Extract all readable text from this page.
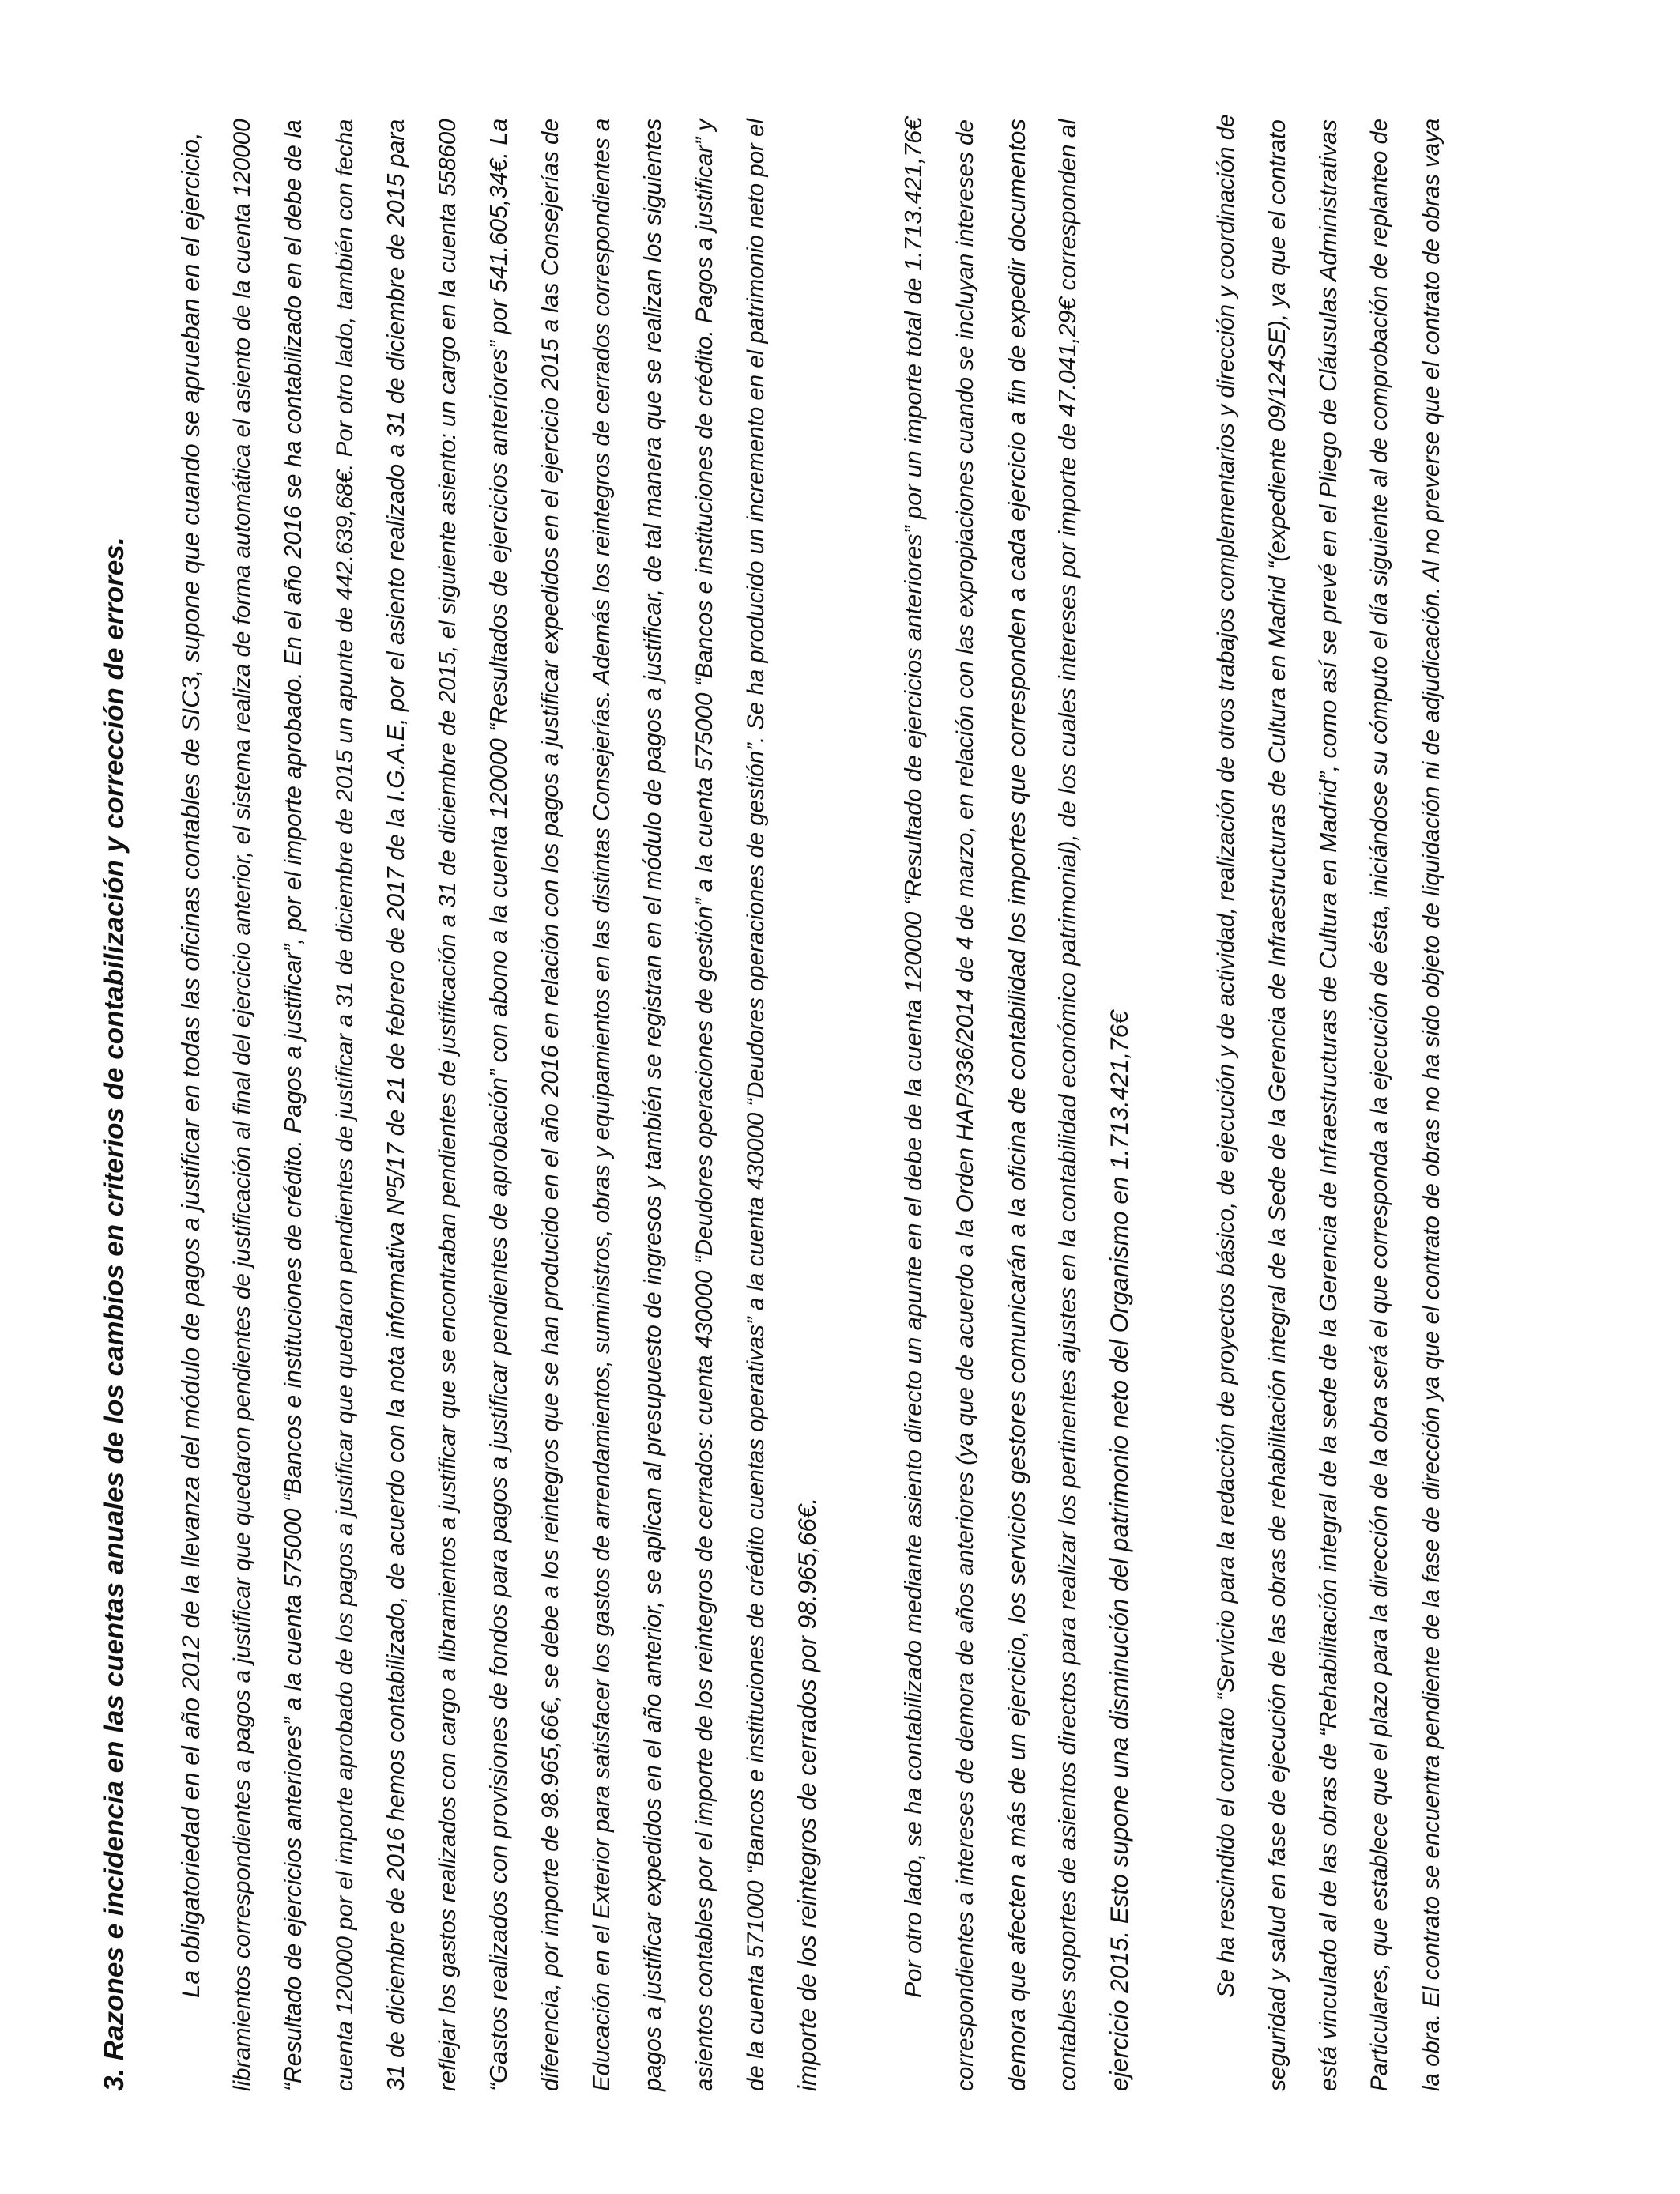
3. Razones e incidencia en las cuentas anuales de los cambios en criterios de contabilización y corrección de errores.	La obligatoriedad en el año 2012 de la llevanza del módulo de pagos a justificar en todas las oficinas contables de SIC3, supone que cuando se aprueban en el ejercicio,	libramientos correspondientes a pagos a justificar que quedaron pendientes de justificación al final del ejercicio anterior, el sistema realiza de forma automática el asiento de la cuenta 120000	“Resultado de ejercicios anteriores” a la cuenta 575000 “Bancos e instituciones de crédito. Pagos a justificar”, por el importe aprobado. En el año 2016 se ha contabilizado en el debe de la	cuenta 120000 por el importe aprobado de los pagos a justificar que quedaron pendientes de justificar a 31 de diciembre de 2015 un apunte de 442.639,68€. Por otro lado, también con fecha	31 de diciembre de 2016 hemos contabilizado, de acuerdo con la nota informativa Nº5/17 de 21 de febrero de 2017 de la I.G.A.E, por el asiento realizado a 31 de diciembre de 2015 para	reflejar los gastos realizados con cargo a libramientos a justificar que se encontraban pendientes de justificación a 31 de diciembre de 2015, el siguiente asiento: un cargo en la cuenta 558600	“Gastos realizados con provisiones de fondos para pagos a justificar pendientes de aprobación” con abono a la cuenta 120000 “Resultados de ejercicios anteriores” por 541.605,34€. La	diferencia, por importe de 98.965,66€, se debe a los reintegros que se han producido en el año 2016 en relación con los pagos a justificar expedidos en el ejercicio 2015 a las Consejerías de	Educación en el Exterior para satisfacer los gastos de arrendamientos, suministros, obras y equipamientos en las distintas Consejerías. Además los reintegros de cerrados correspondientes a	pagos a justificar expedidos en el año anterior, se aplican al presupuesto de ingresos y también se registran en el módulo de pagos a justificar, de tal manera que se realizan los siguientes	asientos contables por el importe de los reintegros de cerrados: cuenta 430000 “Deudores operaciones de gestión” a la cuenta 575000 “Bancos e instituciones de crédito. Pagos a justificar” y	de la cuenta 571000 “Bancos e instituciones de crédito cuentas operativas” a la cuenta 430000 “Deudores operaciones de gestión”. Se ha producido un incremento en el patrimonio neto por el importe de los reintegros de cerrados por 98.965,66€.	Por otro lado, se ha contabilizado mediante asiento directo un apunte en el debe de la cuenta 120000 “Resultado de ejercicios anteriores” por un importe total de 1.713.421,76€	correspondientes a intereses de demora de años anteriores (ya que de acuerdo a la Orden HAP/336/2014 de 4 de marzo, en relación con las expropiaciones cuando se incluyan intereses de	demora que afecten a más de un ejercicio, los servicios gestores comunicarán a la oficina de contabilidad los importes que corresponden a cada ejercicio a fin de expedir documentos	contables soportes de asientos directos para realizar los pertinentes ajustes en la contabilidad económico patrimonial), de los cuales intereses por importe de 47.041,29€ corresponden al ejercicio 2015. Esto supone una disminución del patrimonio neto del Organismo en 1.713.421,76€	Se ha rescindido el contrato “Servicio para la redacción de proyectos básico, de ejecución y de actividad, realización de otros trabajos complementarios y dirección y coordinación de	seguridad y salud en fase de ejecución de las obras de rehabilitación integral de la Sede de la Gerencia de Infraestructuras de Cultura en Madrid “(expediente 09/124SE), ya que el contrato	está vinculado al de las obras de “Rehabilitación integral de la sede de la Gerencia de Infraestructuras de Cultura en Madrid”, como así se prevé en el Pliego de Cláusulas Administrativas	Particulares, que establece que el plazo para la dirección de la obra será el que corresponda a la ejecución de ésta, iniciándose su cómputo el día siguiente al de comprobación de replanteo de	la obra. El contrato se encuentra pendiente de la fase de dirección ya que el contrato de obras no ha sido objeto de liquidación ni de adjudicación. Al no preverse que el contrato de obras vaya
